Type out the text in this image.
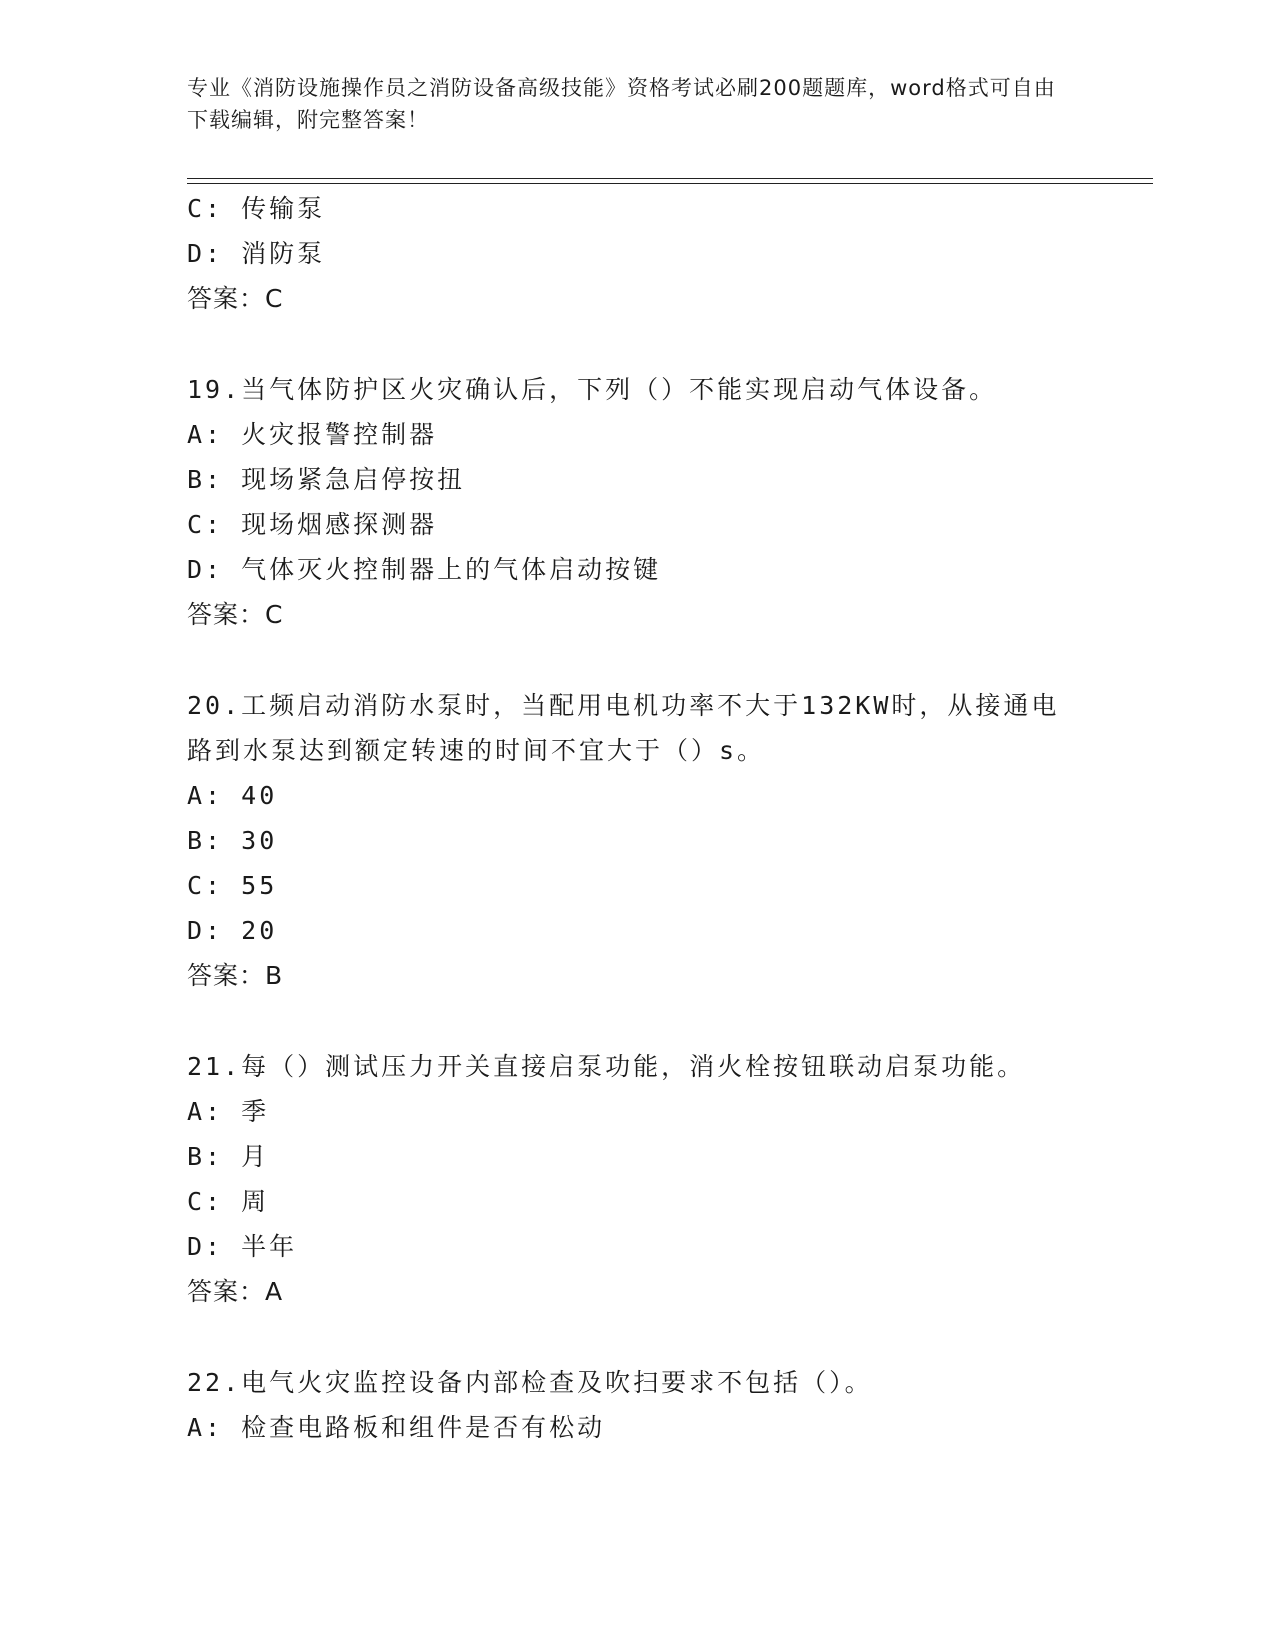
专业《消防设施操作员之消防设备高级技能》资格考试必刷200题题库，word格式可自由下载编辑，附完整答案！
C: 传输泵
D: 消防泵
答案：C
19.当气体防护区火灾确认后，下列（）不能实现启动气体设备。
A: 火灾报警控制器
B: 现场紧急启停按扭
C: 现场烟感探测器
D: 气体灭火控制器上的气体启动按键
答案：C
20.工频启动消防水泵时，当配用电机功率不大于132KW时，从接通电
路到水泵达到额定转速的时间不宜大于（）s。
A: 40
B: 30
C: 55
D: 20
答案：B
21.每（）测试压力开关直接启泵功能，消火栓按钮联动启泵功能。
A: 季
B: 月
C: 周
D: 半年
答案：A
22.电气火灾监控设备内部检查及吹扫要求不包括（）。
A: 检查电路板和组件是否有松动
